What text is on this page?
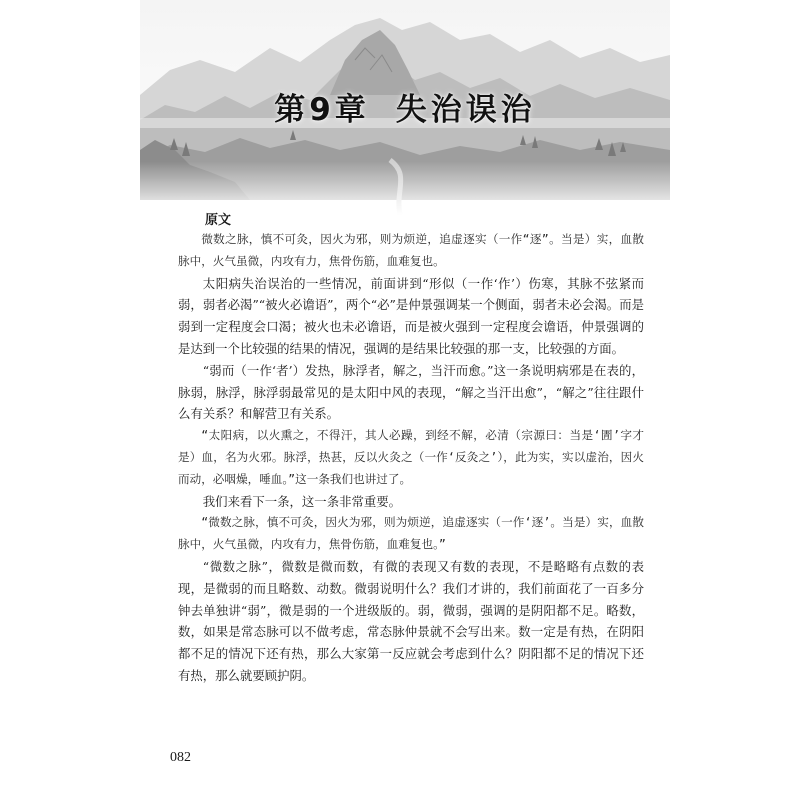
第9章 失治误治
原文

微数之脉，慎不可灸，因火为邪，则为烦逆，追虚逐实（一作“逐”。当是）实，血散脉中，火气虽微，内攻有力，焦骨伤筋，血难复也。

太阳病失治误治的一些情况，前面讲到“形似（一作‘作’）伤寒，其脉不弦紧而弱，弱者必渴”“被火必谵语”，两个“必”是仲景强调某一个侧面，弱者未必会渴。而是弱到一定程度会口渴；被火也未必谵语，而是被火强到一定程度会谵语，仲景强调的是达到一个比较强的结果的情况，强调的是结果比较强的那一支，比较强的方面。

“弱而（一作‘者’）发热，脉浮者，解之，当汗而愈。”这一条说明病邪是在表的，脉弱，脉浮，脉浮弱最常见的是太阳中风的表现，“解之当汗出愈”，“解之”往往跟什么有关系？和解营卫有关系。

“太阳病，以火熏之，不得汗，其人必躁，到经不解，必清（宗源曰：当是‘圊’字才是）血，名为火邪。脉浮，热甚，反以火灸之（一作‘反灸之’），此为实，实以虚治，因火而动，必咽燥，唾血。”这一条我们也讲过了。

我们来看下一条，这一条非常重要。

“微数之脉，慎不可灸，因火为邪，则为烦逆，追虚逐实（一作‘逐’。当是）实，血散脉中，火气虽微，内攻有力，焦骨伤筋，血难复也。”

“微数之脉”，微数是微而数，有微的表现又有数的表现，不是略略有点数的表现，是微弱的而且略数、动数。微弱说明什么？我们才讲的，我们前面花了一百多分钟去单独讲“弱”，微是弱的一个进级版的。弱，微弱，强调的是阴阳都不足。略数，数，如果是常态脉可以不做考虑，常态脉仲景就不会写出来。数一定是有热，在阴阳都不足的情况下还有热，那么大家第一反应就会考虑到什么？阴阳都不足的情况下还有热，那么就要顾护阴。

082
